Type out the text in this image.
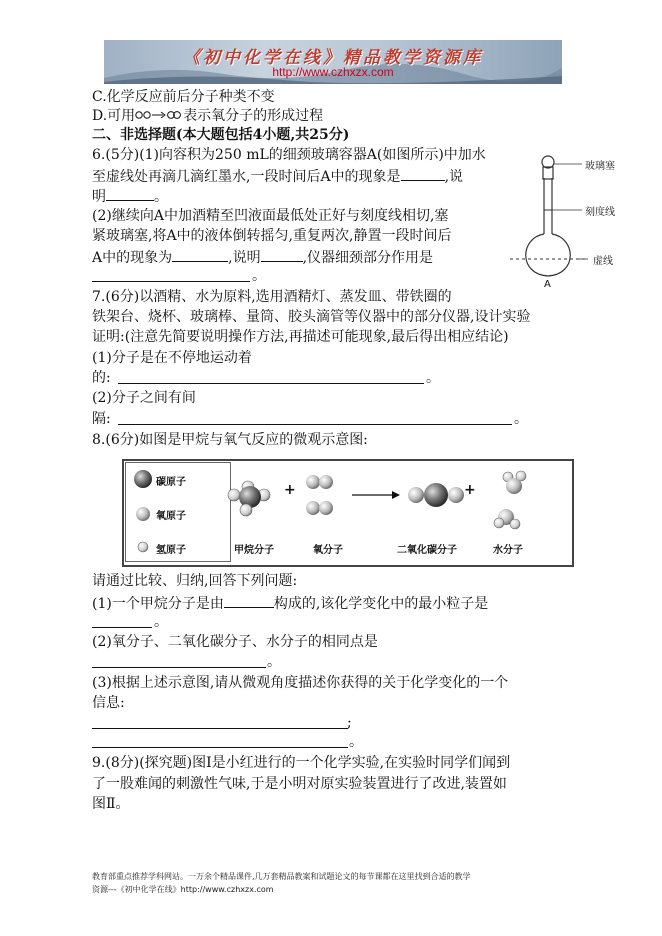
《初中化学在线》精品教学资源库
http://www.czhxzx.com
C.化学反应前后分子种类不变
D.可用	表示氧分子的形成过程
二、非选择题(本大题包括4小题,共25分)
6.(5分)(1)向容积为250 mL的细颈玻璃容器A(如图所示)中加水
至虚线处再滴几滴红墨水,一段时间后A中的现象是	,说
明	。
(2)继续向A中加酒精至凹液面最低处正好与刻度线相切,塞
紧玻璃塞,将A中的液体倒转摇匀,重复两次,静置一段时间后
A中的现象为	,说明	,仪器细颈部分作用是
。
玻璃塞
刻度线
虚线
A
7.(6分)以酒精、水为原料,选用酒精灯、蒸发皿、带铁圈的
铁架台、烧杯、玻璃棒、量筒、胶头滴管等仪器中的部分仪器,设计实验
证明:(注意先简要说明操作方法,再描述可能现象,最后得出相应结论)
(1)分子是在不停地运动着
的:	。
(2)分子之间有间
隔:	。
8.(6分)如图是甲烷与氧气反应的微观示意图:
碳原子
氧原子
氢原子
+	+
甲烷分子	氧分子	二氧化碳分子	水分子
请通过比较、归纳,回答下列问题:
(1)一个甲烷分子是由	构成的,该化学变化中的最小粒子是
。
(2)氧分子、二氧化碳分子、水分子的相同点是
。
(3)根据上述示意图,请从微观角度描述你获得的关于化学变化的一个
信息:
;
。
9.(8分)(探究题)图Ⅰ是小红进行的一个化学实验,在实验时同学们闻到
了一股难闻的刺激性气味,于是小明对原实验装置进行了改进,装置如
图Ⅱ。
教育部重点推荐学科网站。一万余个精品课件,几万套精品教案和试题论文的每节课都在这里找到合适的教学
资源---《初中化学在线》http://www.czhxzx.com
